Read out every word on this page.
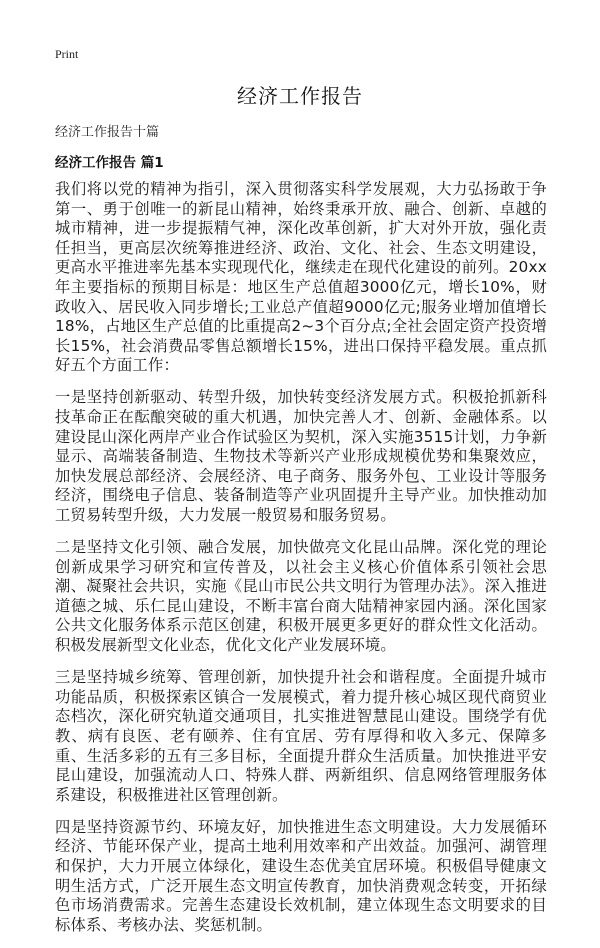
Print
经济工作报告
经济工作报告十篇
经济工作报告 篇1

我们将以党的精神为指引，深入贯彻落实科学发展观，大力弘扬敢于争第一、勇于创唯一的新昆山精神，始终秉承开放、融合、创新、卓越的城市精神，进一步提振精气神，深化改革创新，扩大对外开放，强化责任担当，更高层次统筹推进经济、政治、文化、社会、生态文明建设，更高水平推进率先基本实现现代化，继续走在现代化建设的前列。20xx年主要指标的预期目标是：地区生产总值超3000亿元，增长10%，财政收入、居民收入同步增长;工业总产值超9000亿元;服务业增加值增长18%，占地区生产总值的比重提高2~3个百分点;全社会固定资产投资增长15%，社会消费品零售总额增长15%，进出口保持平稳发展。重点抓好五个方面工作：

一是坚持创新驱动、转型升级，加快转变经济发展方式。积极抢抓新科技革命正在酝酿突破的重大机遇，加快完善人才、创新、金融体系。以建设昆山深化两岸产业合作试验区为契机，深入实施3515计划，力争新显示、高端装备制造、生物技术等新兴产业形成规模优势和集聚效应，加快发展总部经济、会展经济、电子商务、服务外包、工业设计等服务经济，围绕电子信息、装备制造等产业巩固提升主导产业。加快推动加工贸易转型升级，大力发展一般贸易和服务贸易。

二是坚持文化引领、融合发展，加快做亮文化昆山品牌。深化党的理论创新成果学习研究和宣传普及，以社会主义核心价值体系引领社会思潮、凝聚社会共识，实施《昆山市民公共文明行为管理办法》。深入推进道德之城、乐仁昆山建设，不断丰富台商大陆精神家园内涵。深化国家公共文化服务体系示范区创建，积极开展更多更好的群众性文化活动。积极发展新型文化业态，优化文化产业发展环境。

三是坚持城乡统筹、管理创新，加快提升社会和谐程度。全面提升城市功能品质，积极探索区镇合一发展模式，着力提升核心城区现代商贸业态档次，深化研究轨道交通项目，扎实推进智慧昆山建设。围绕学有优教、病有良医、老有颐养、住有宜居、劳有厚得和收入多元、保障多重、生活多彩的五有三多目标，全面提升群众生活质量。加快推进平安昆山建设，加强流动人口、特殊人群、两新组织、信息网络管理服务体系建设，积极推进社区管理创新。

四是坚持资源节约、环境友好，加快推进生态文明建设。大力发展循环经济、节能环保产业，提高土地利用效率和产出效益。加强河、湖管理和保护，大力开展立体绿化，建设生态优美宜居环境。积极倡导健康文明生活方式，广泛开展生态文明宣传教育，加快消费观念转变，开拓绿色市场消费需求。完善生态建设长效机制，建立体现生态文明要求的目标体系、考核办法、奖惩机制。
